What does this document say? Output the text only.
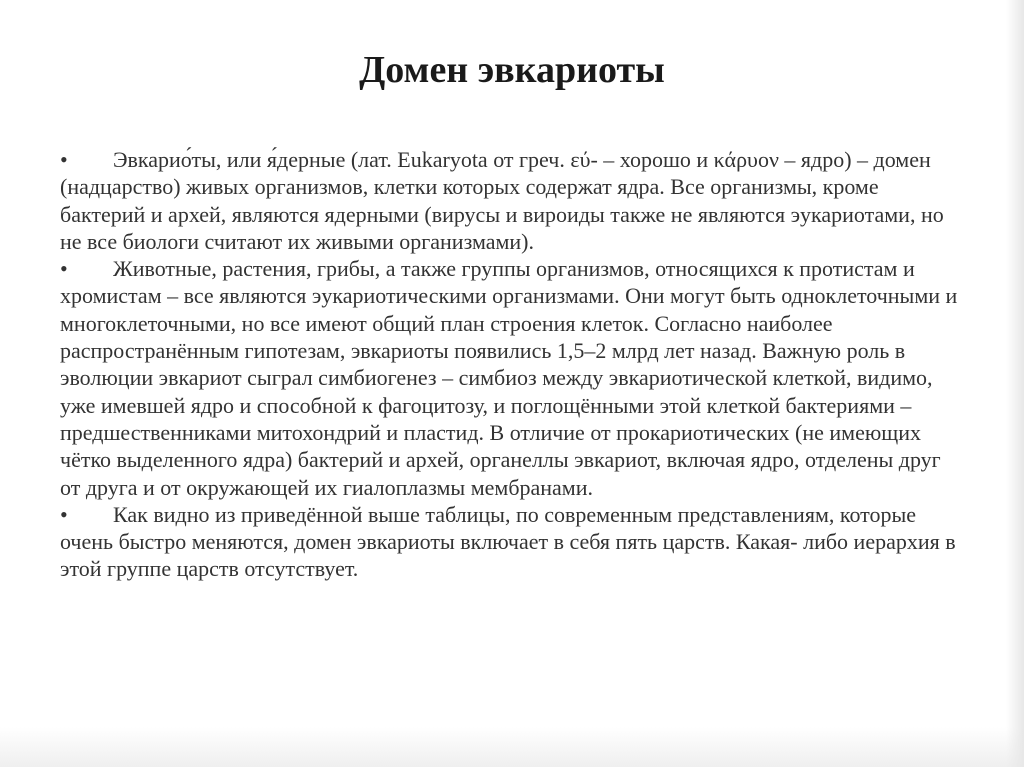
Домен эвкариоты

• Эвкарио́ты, или я́дерные (лат. Eukaryota от греч. εύ- – хорошо и κάρυον – ядро) – домен (надцарство) живых организмов, клетки которых содержат ядра. Все организмы, кроме бактерий и архей, являются ядерными (вирусы и вироиды также не являются эукариотами, но не все биологи считают их живыми организмами).

• Животные, растения, грибы, а также группы организмов, относящихся к протистам и хромистам – все являются эукариотическими организмами. Они могут быть одноклеточными и многоклеточными, но все имеют общий план строения клеток. Согласно наиболее распространённым гипотезам, эвкариоты появились 1,5–2 млрд лет назад. Важную роль в эволюции эвкариот сыграл симбиогенез – симбиоз между эвкариотической клеткой, видимо, уже имевшей ядро и способной к фагоцитозу, и поглощёнными этой клеткой бактериями – предшественниками митохондрий и пластид. В отличие от прокариотических (не имеющих чётко выделенного ядра) бактерий и архей, органеллы эвкариот, включая ядро, отделены друг от друга и от окружающей их гиалоплазмы мембранами.

• Как видно из приведённой выше таблицы, по современным представлениям, которые очень быстро меняются, домен эвкариоты включает в себя пять царств. Какая- либо иерархия в этой группе царств отсутствует.
